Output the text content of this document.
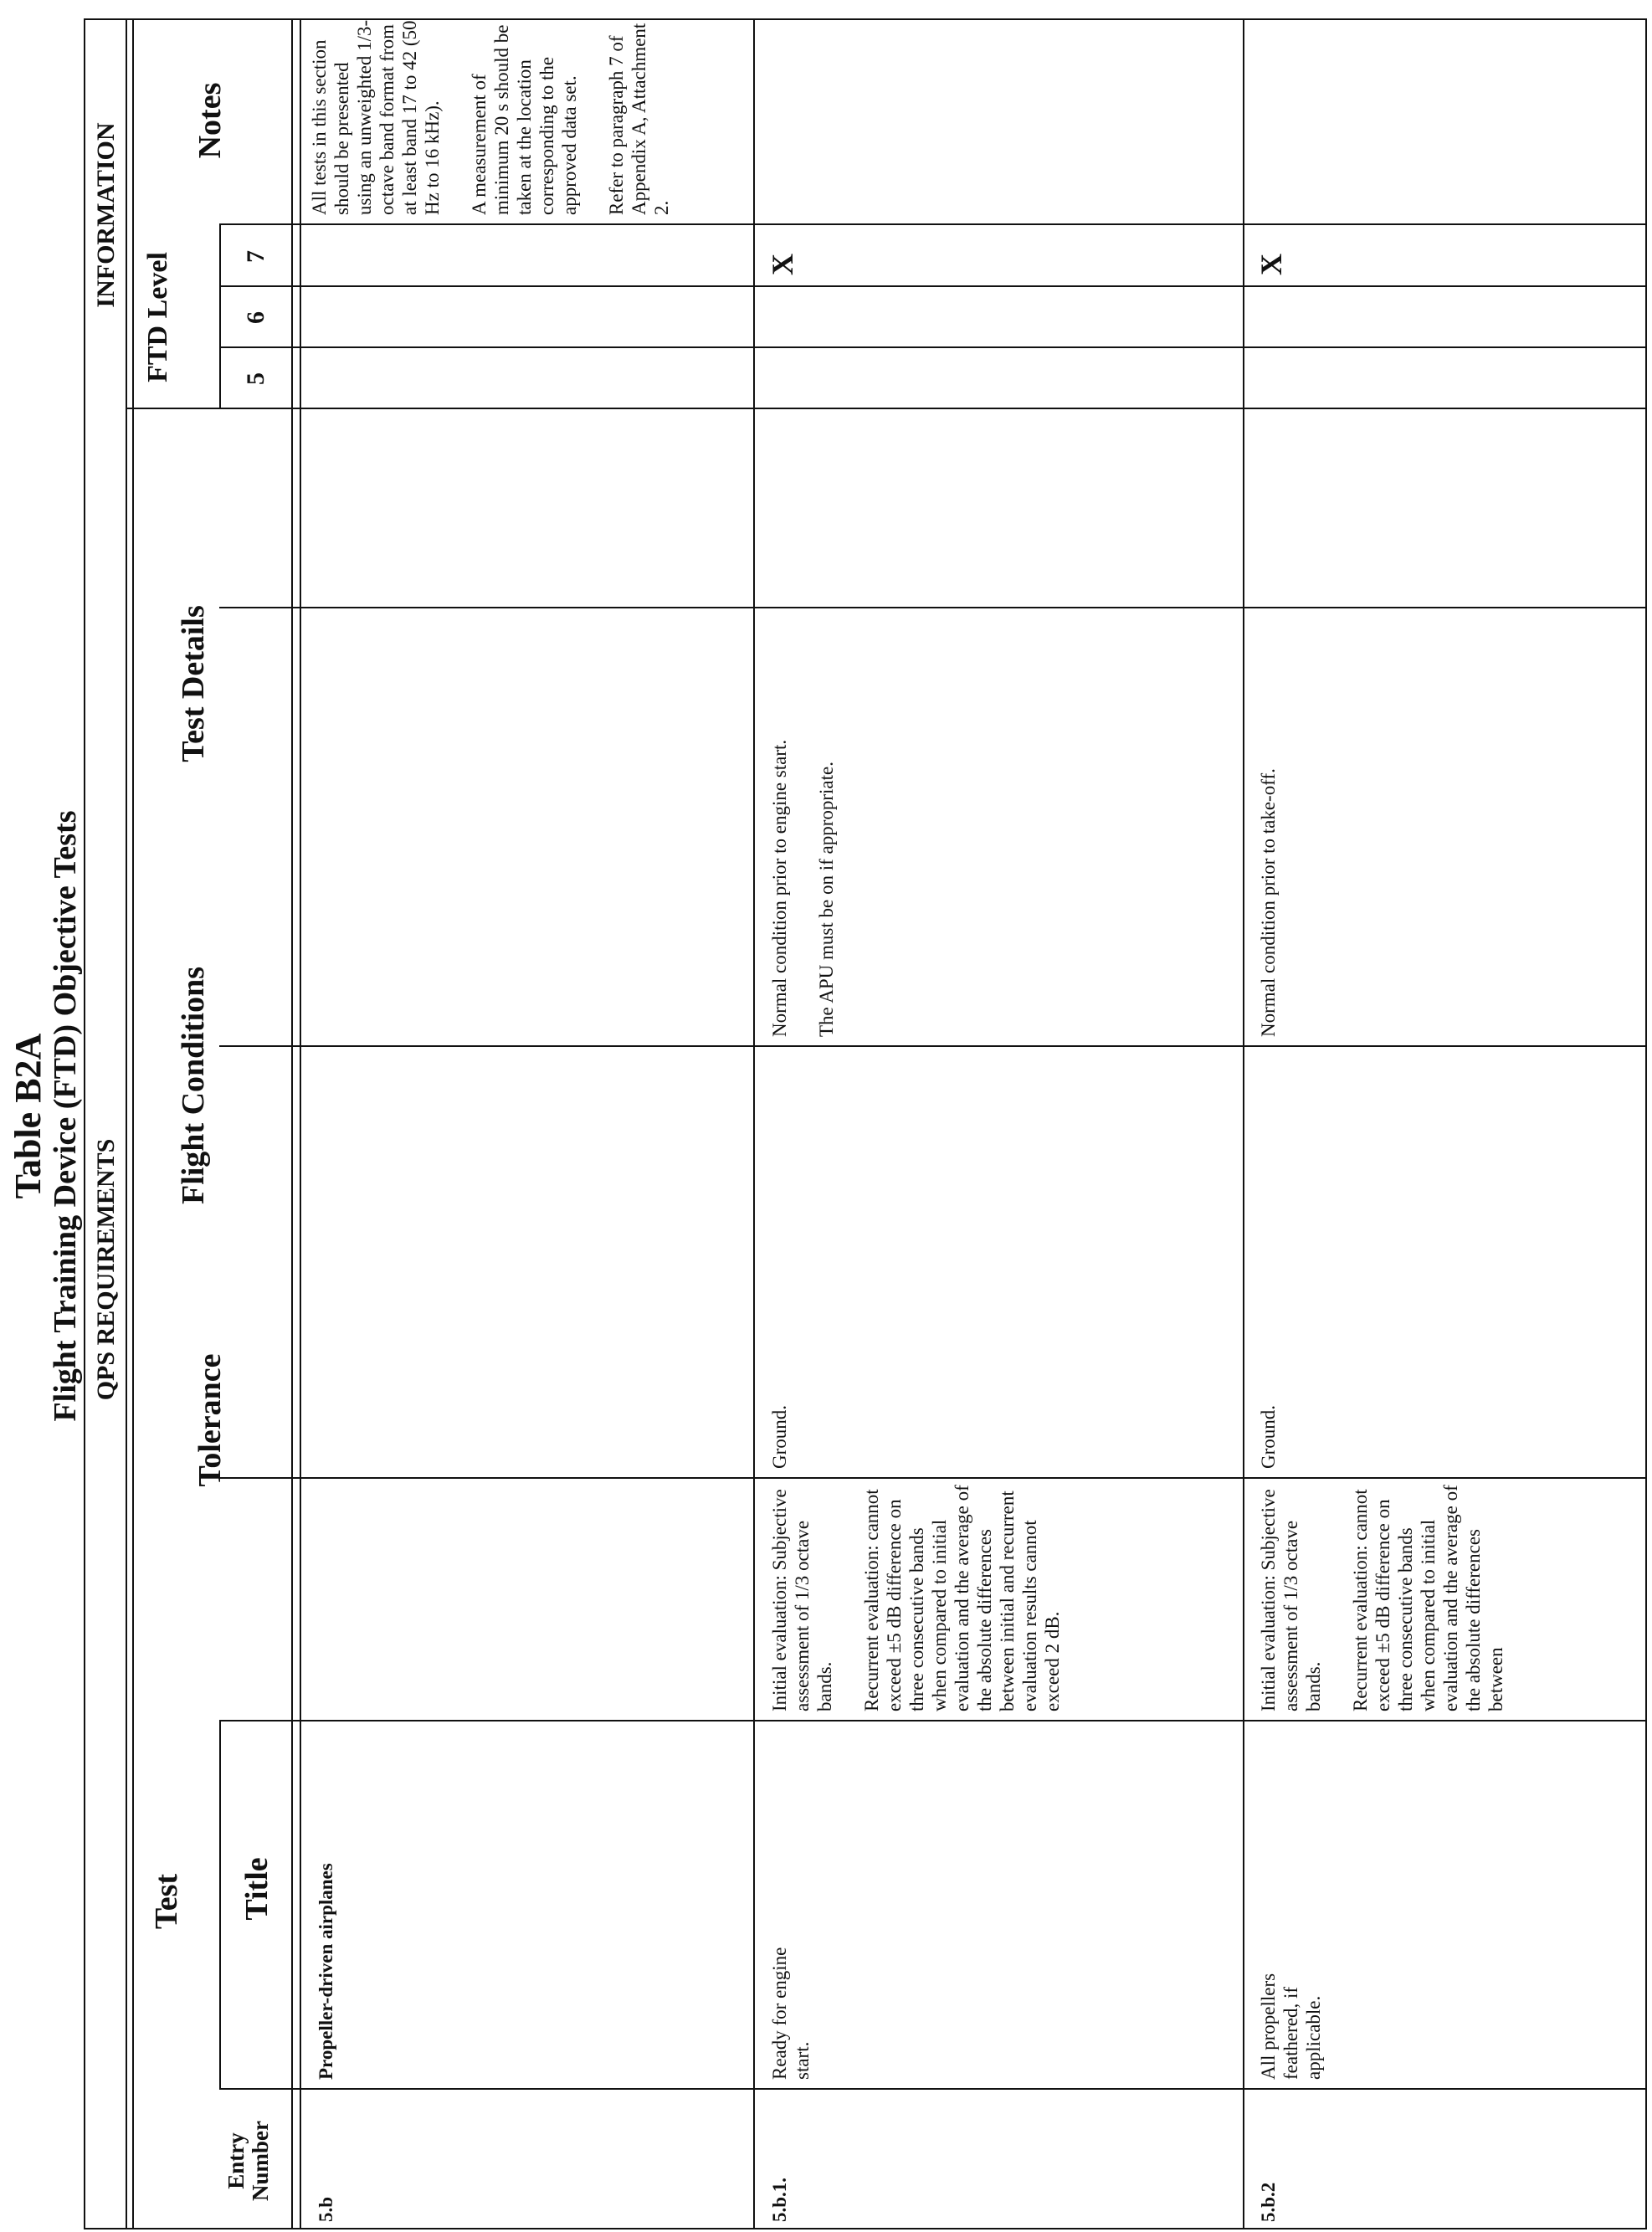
Table B2A Flight Training Device (FTD) Objective Tests QPS REQUIREMENTS
INFORMATION
Test
Entry Number
Title
Tolerance
Flight Conditions
Test Details
FTD Level	5
6
7
Notes
5.b
Propeller-driven airplanes

All tests in this section should be presented using an unweighted 1/3-octave band format from at least band 17 to 42 (50 Hz to 16 kHz). A measurement of minimum 20 s should be taken at the location corresponding to the approved data set. Refer to paragraph 7 of Appendix A, Attachment 2.

5.b.1.
Ready for engine start.

Initial evaluation: Subjective assessment of 1/3 octave bands. Recurrent evaluation: cannot exceed ±5 dB difference on three consecutive bands when compared to initial evaluation and the average of the absolute differences between initial and recurrent evaluation results cannot exceed 2 dB.

Ground.

Normal condition prior to engine start. The APU must be on if appropriate.

X
5.b.2
All propellers feathered, if applicable.

Initial evaluation: Subjective assessment of 1/3 octave bands. Recurrent evaluation: cannot exceed ±5 dB difference on three consecutive bands when compared to initial evaluation and the average of the absolute differences between

Ground.

Normal condition prior to take-off.

X
